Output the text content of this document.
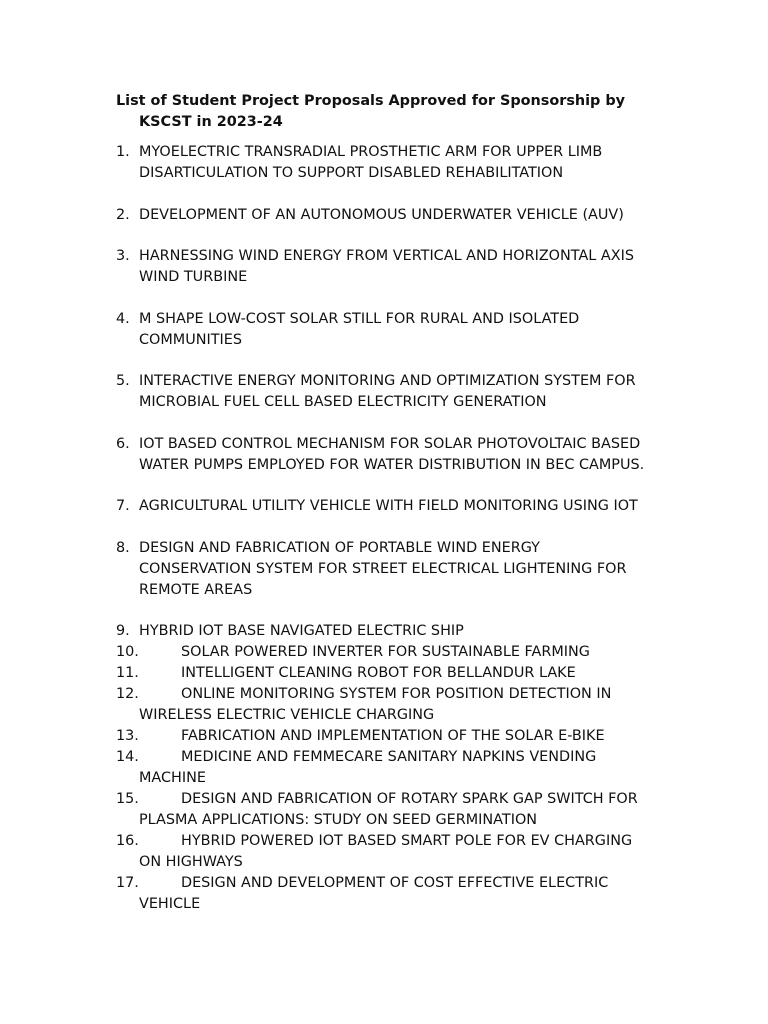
List of Student Project Proposals Approved for Sponsorship by
KSCST in 2023-24
1. MYOELECTRIC TRANSRADIAL PROSTHETIC ARM FOR UPPER LIMB
DISARTICULATION TO SUPPORT DISABLED REHABILITATION
2. DEVELOPMENT OF AN AUTONOMOUS UNDERWATER VEHICLE (AUV)
3. HARNESSING WIND ENERGY FROM VERTICAL AND HORIZONTAL AXIS
WIND TURBINE
4. M SHAPE LOW-COST SOLAR STILL FOR RURAL AND ISOLATED
COMMUNITIES
5. INTERACTIVE ENERGY MONITORING AND OPTIMIZATION SYSTEM FOR
MICROBIAL FUEL CELL BASED ELECTRICITY GENERATION
6. IOT BASED CONTROL MECHANISM FOR SOLAR PHOTOVOLTAIC BASED
WATER PUMPS EMPLOYED FOR WATER DISTRIBUTION IN BEC CAMPUS.
7. AGRICULTURAL UTILITY VEHICLE WITH FIELD MONITORING USING IOT
8. DESIGN AND FABRICATION OF PORTABLE WIND ENERGY
CONSERVATION SYSTEM FOR STREET ELECTRICAL LIGHTENING FOR
REMOTE AREAS
9. HYBRID IOT BASE NAVIGATED ELECTRIC SHIP
10.	SOLAR POWERED INVERTER FOR SUSTAINABLE FARMING
11.	INTELLIGENT CLEANING ROBOT FOR BELLANDUR LAKE
12.	ONLINE MONITORING SYSTEM FOR POSITION DETECTION IN
WIRELESS ELECTRIC VEHICLE CHARGING
13.	FABRICATION AND IMPLEMENTATION OF THE SOLAR E-BIKE
14.	MEDICINE AND FEMMECARE SANITARY NAPKINS VENDING
MACHINE
15.	DESIGN AND FABRICATION OF ROTARY SPARK GAP SWITCH FOR
PLASMA APPLICATIONS: STUDY ON SEED GERMINATION
16.	HYBRID POWERED IOT BASED SMART POLE FOR EV CHARGING
ON HIGHWAYS
17.	DESIGN AND DEVELOPMENT OF COST EFFECTIVE ELECTRIC
VEHICLE
